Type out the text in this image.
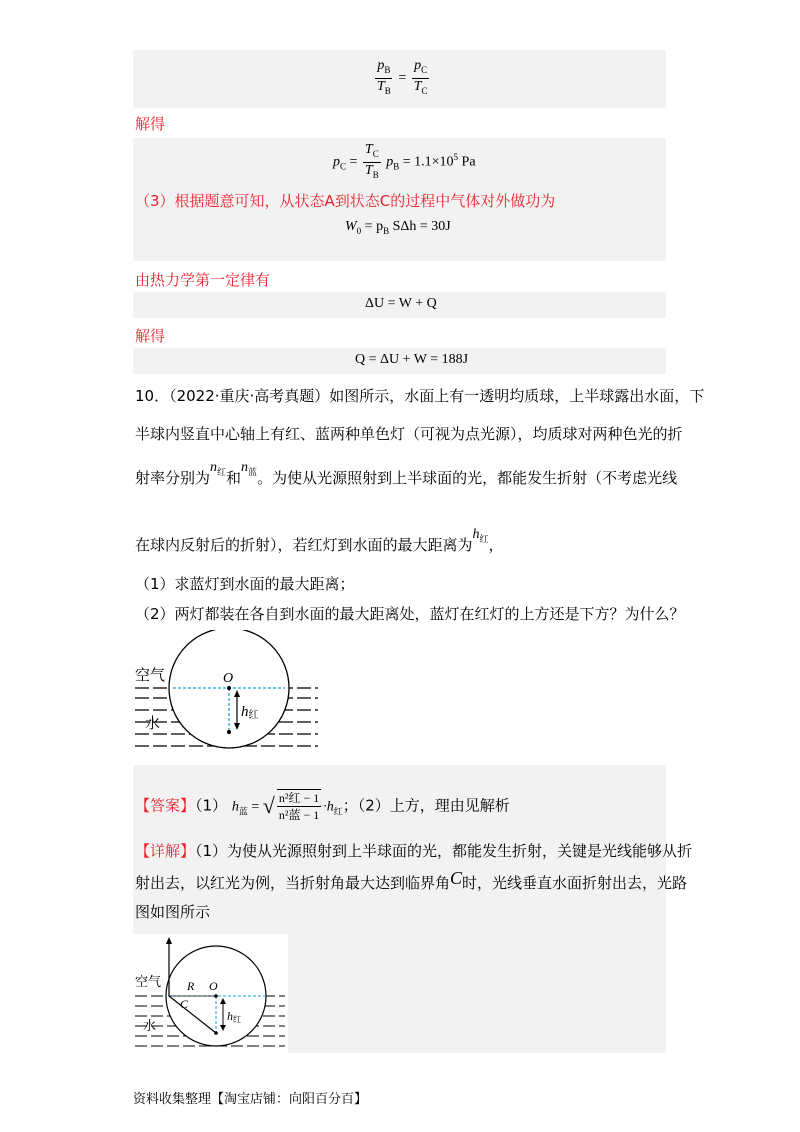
$\frac{p_B}{T_B} = \frac{p_C}{T_C}$
解得
$p_C = \frac{T_C}{T_B} p_B = 1.1\times 10^5$ Pa
（3）根据题意可知，从状态A到状态C的过程中气体对外做功为
$W_0 = p_B$ SΔh = 30J
由热力学第一定律有
ΔU = W + Q
解得
Q = ΔU + W = 188J
10．（2022·重庆·高考真题）如图所示，水面上有一透明均质球，上半球露出水面，下
半球内竖直中心轴上有红、蓝两种单色灯（可视为点光源），均质球对两种色光的折
射率分别为$n_红$和$n_蓝$。为使从光源照射到上半球面的光，都能发生折射（不考虑光线
在球内反射后的折射），若红灯到水面的最大距离为$h_红$，
（1）求蓝灯到水面的最大距离；
（2）两灯都装在各自到水面的最大距离处，蓝灯在红灯的上方还是下方？为什么？
空气
水
O
h红
【答案】（1） $h_蓝$ = √ $\frac{\text{n²红 − 1}}{\text{n²蓝 − 1}} \cdot h_红$；（2）上方，理由见解析
【详解】（1）为使从光源照射到上半球面的光，都能发生折射，关键是光线能够从折
射出去，以红光为例，当折射角最大达到临界角C时，光线垂直水面折射出去，光路
图如图所示
空气
水
R
C
O
h红
资料收集整理【淘宝店铺：向阳百分百】
